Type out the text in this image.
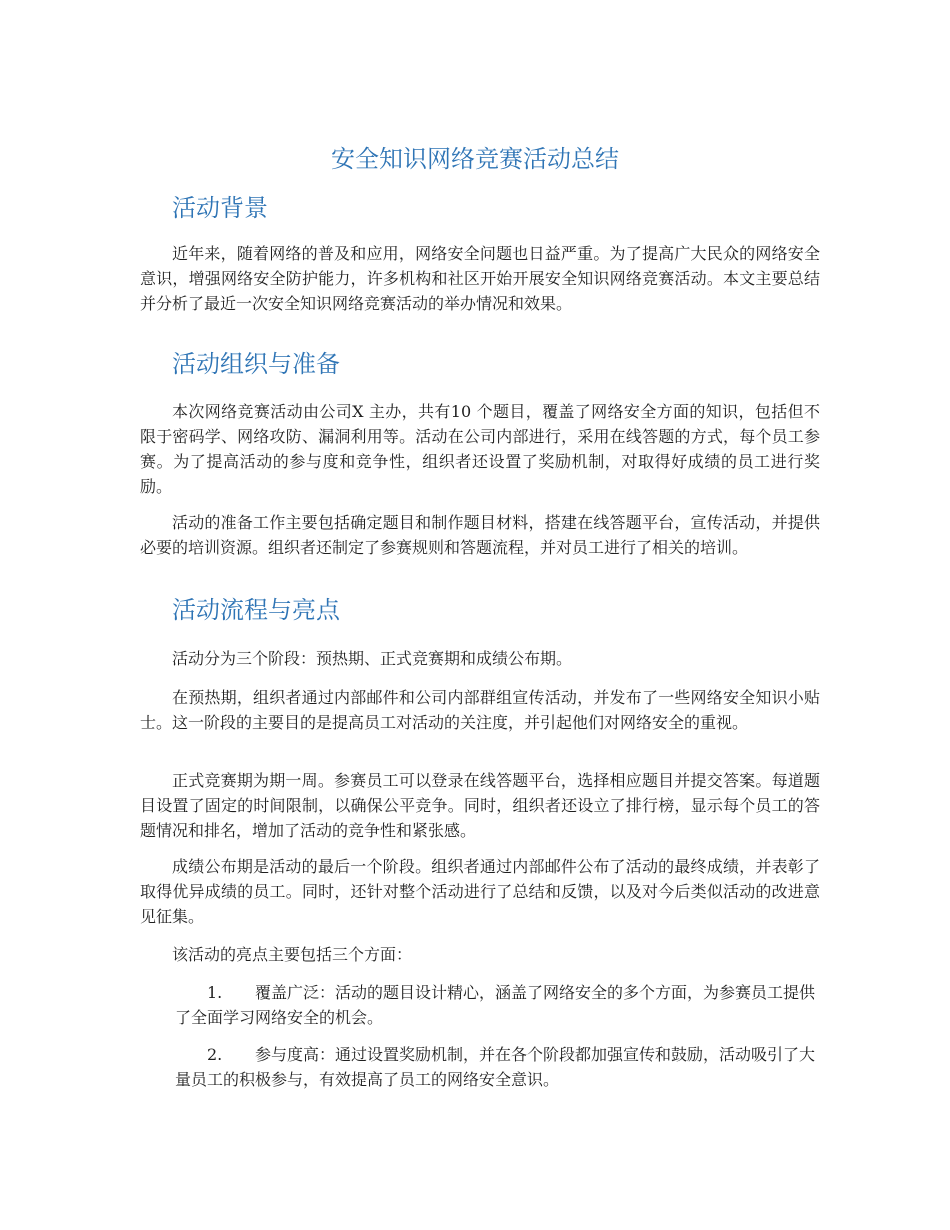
安全知识网络竞赛活动总结
活动背景

近年来，随着网络的普及和应用，网络安全问题也日益严重。为了提高广大民众的网络安全意识，增强网络安全防护能力，许多机构和社区开始开展安全知识网络竞赛活动。本文主要总结并分析了最近一次安全知识网络竞赛活动的举办情况和效果。

活动组织与准备

本次网络竞赛活动由公司X 主办，共有10 个题目，覆盖了网络安全方面的知识，包括但不限于密码学、网络攻防、漏洞利用等。活动在公司内部进行，采用在线答题的方式，每个员工参赛。为了提高活动的参与度和竞争性，组织者还设置了奖励机制，对取得好成绩的员工进行奖励。

活动的准备工作主要包括确定题目和制作题目材料，搭建在线答题平台，宣传活动，并提供必要的培训资源。组织者还制定了参赛规则和答题流程，并对员工进行了相关的培训。

活动流程与亮点

活动分为三个阶段：预热期、正式竞赛期和成绩公布期。

在预热期，组织者通过内部邮件和公司内部群组宣传活动，并发布了一些网络安全知识小贴士。这一阶段的主要目的是提高员工对活动的关注度，并引起他们对网络安全的重视。

正式竞赛期为期一周。参赛员工可以登录在线答题平台，选择相应题目并提交答案。每道题目设置了固定的时间限制，以确保公平竞争。同时，组织者还设立了排行榜，显示每个员工的答题情况和排名，增加了活动的竞争性和紧张感。

成绩公布期是活动的最后一个阶段。组织者通过内部邮件公布了活动的最终成绩，并表彰了取得优异成绩的员工。同时，还针对整个活动进行了总结和反馈，以及对今后类似活动的改进意见征集。

该活动的亮点主要包括三个方面：

1. 覆盖广泛：活动的题目设计精心，涵盖了网络安全的多个方面，为参赛员工提供了全面学习网络安全的机会。

2. 参与度高：通过设置奖励机制，并在各个阶段都加强宣传和鼓励，活动吸引了大量员工的积极参与，有效提高了员工的网络安全意识。
